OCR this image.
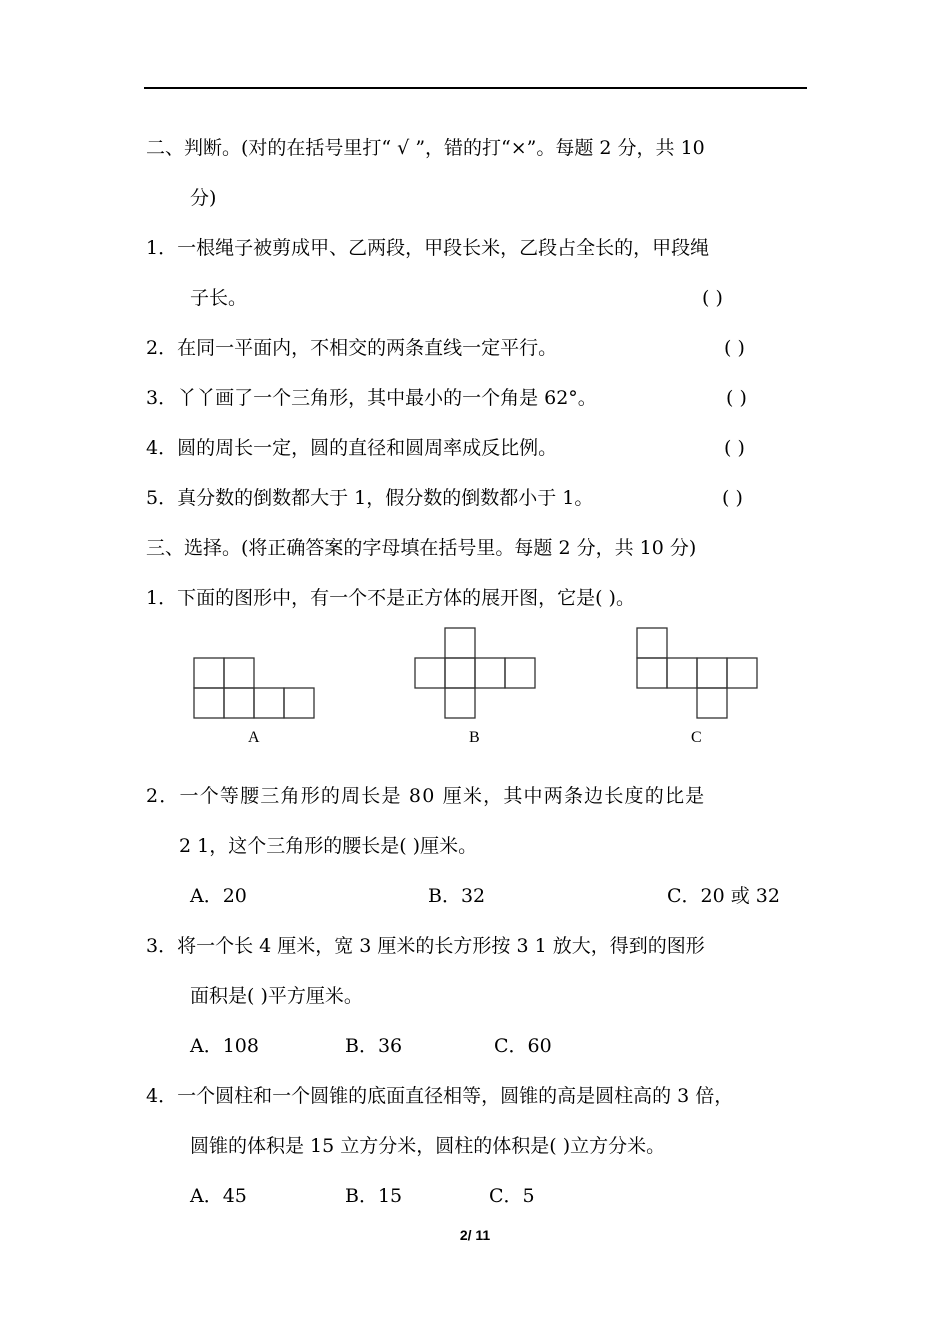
二、判断。(对的在括号里打“ √ ”，错的打“×”。每题 2 分，共 10
分)
1．一根绳子被剪成甲、乙两段，甲段长米，乙段占全长的，甲段绳
子长。	( )
2．在同一平面内，不相交的两条直线一定平行。	( )
3．丫丫画了一个三角形，其中最小的一个角是 62°。	( )
4．圆的周长一定，圆的直径和圆周率成反比例。	( )
5．真分数的倒数都大于 1，假分数的倒数都小于 1。	( )
三、选择。(将正确答案的字母填在括号里。每题 2 分，共 10 分)
1．下面的图形中，有一个不是正方体的展开图，它是( )。
A	B	C
2．一个等腰三角形的周长是 80 厘米，其中两条边长度的比是
2 1，这个三角形的腰长是( )厘米。
A．20	B．32	C．20 或 32
3．将一个长 4 厘米，宽 3 厘米的长方形按 3 1 放大，得到的图形
面积是( )平方厘米。
A．108	B．36	C．60
4．一个圆柱和一个圆锥的底面直径相等，圆锥的高是圆柱高的 3 倍，
圆锥的体积是 15 立方分米，圆柱的体积是( )立方分米。
A．45	B．15	C．5
2/ 11
